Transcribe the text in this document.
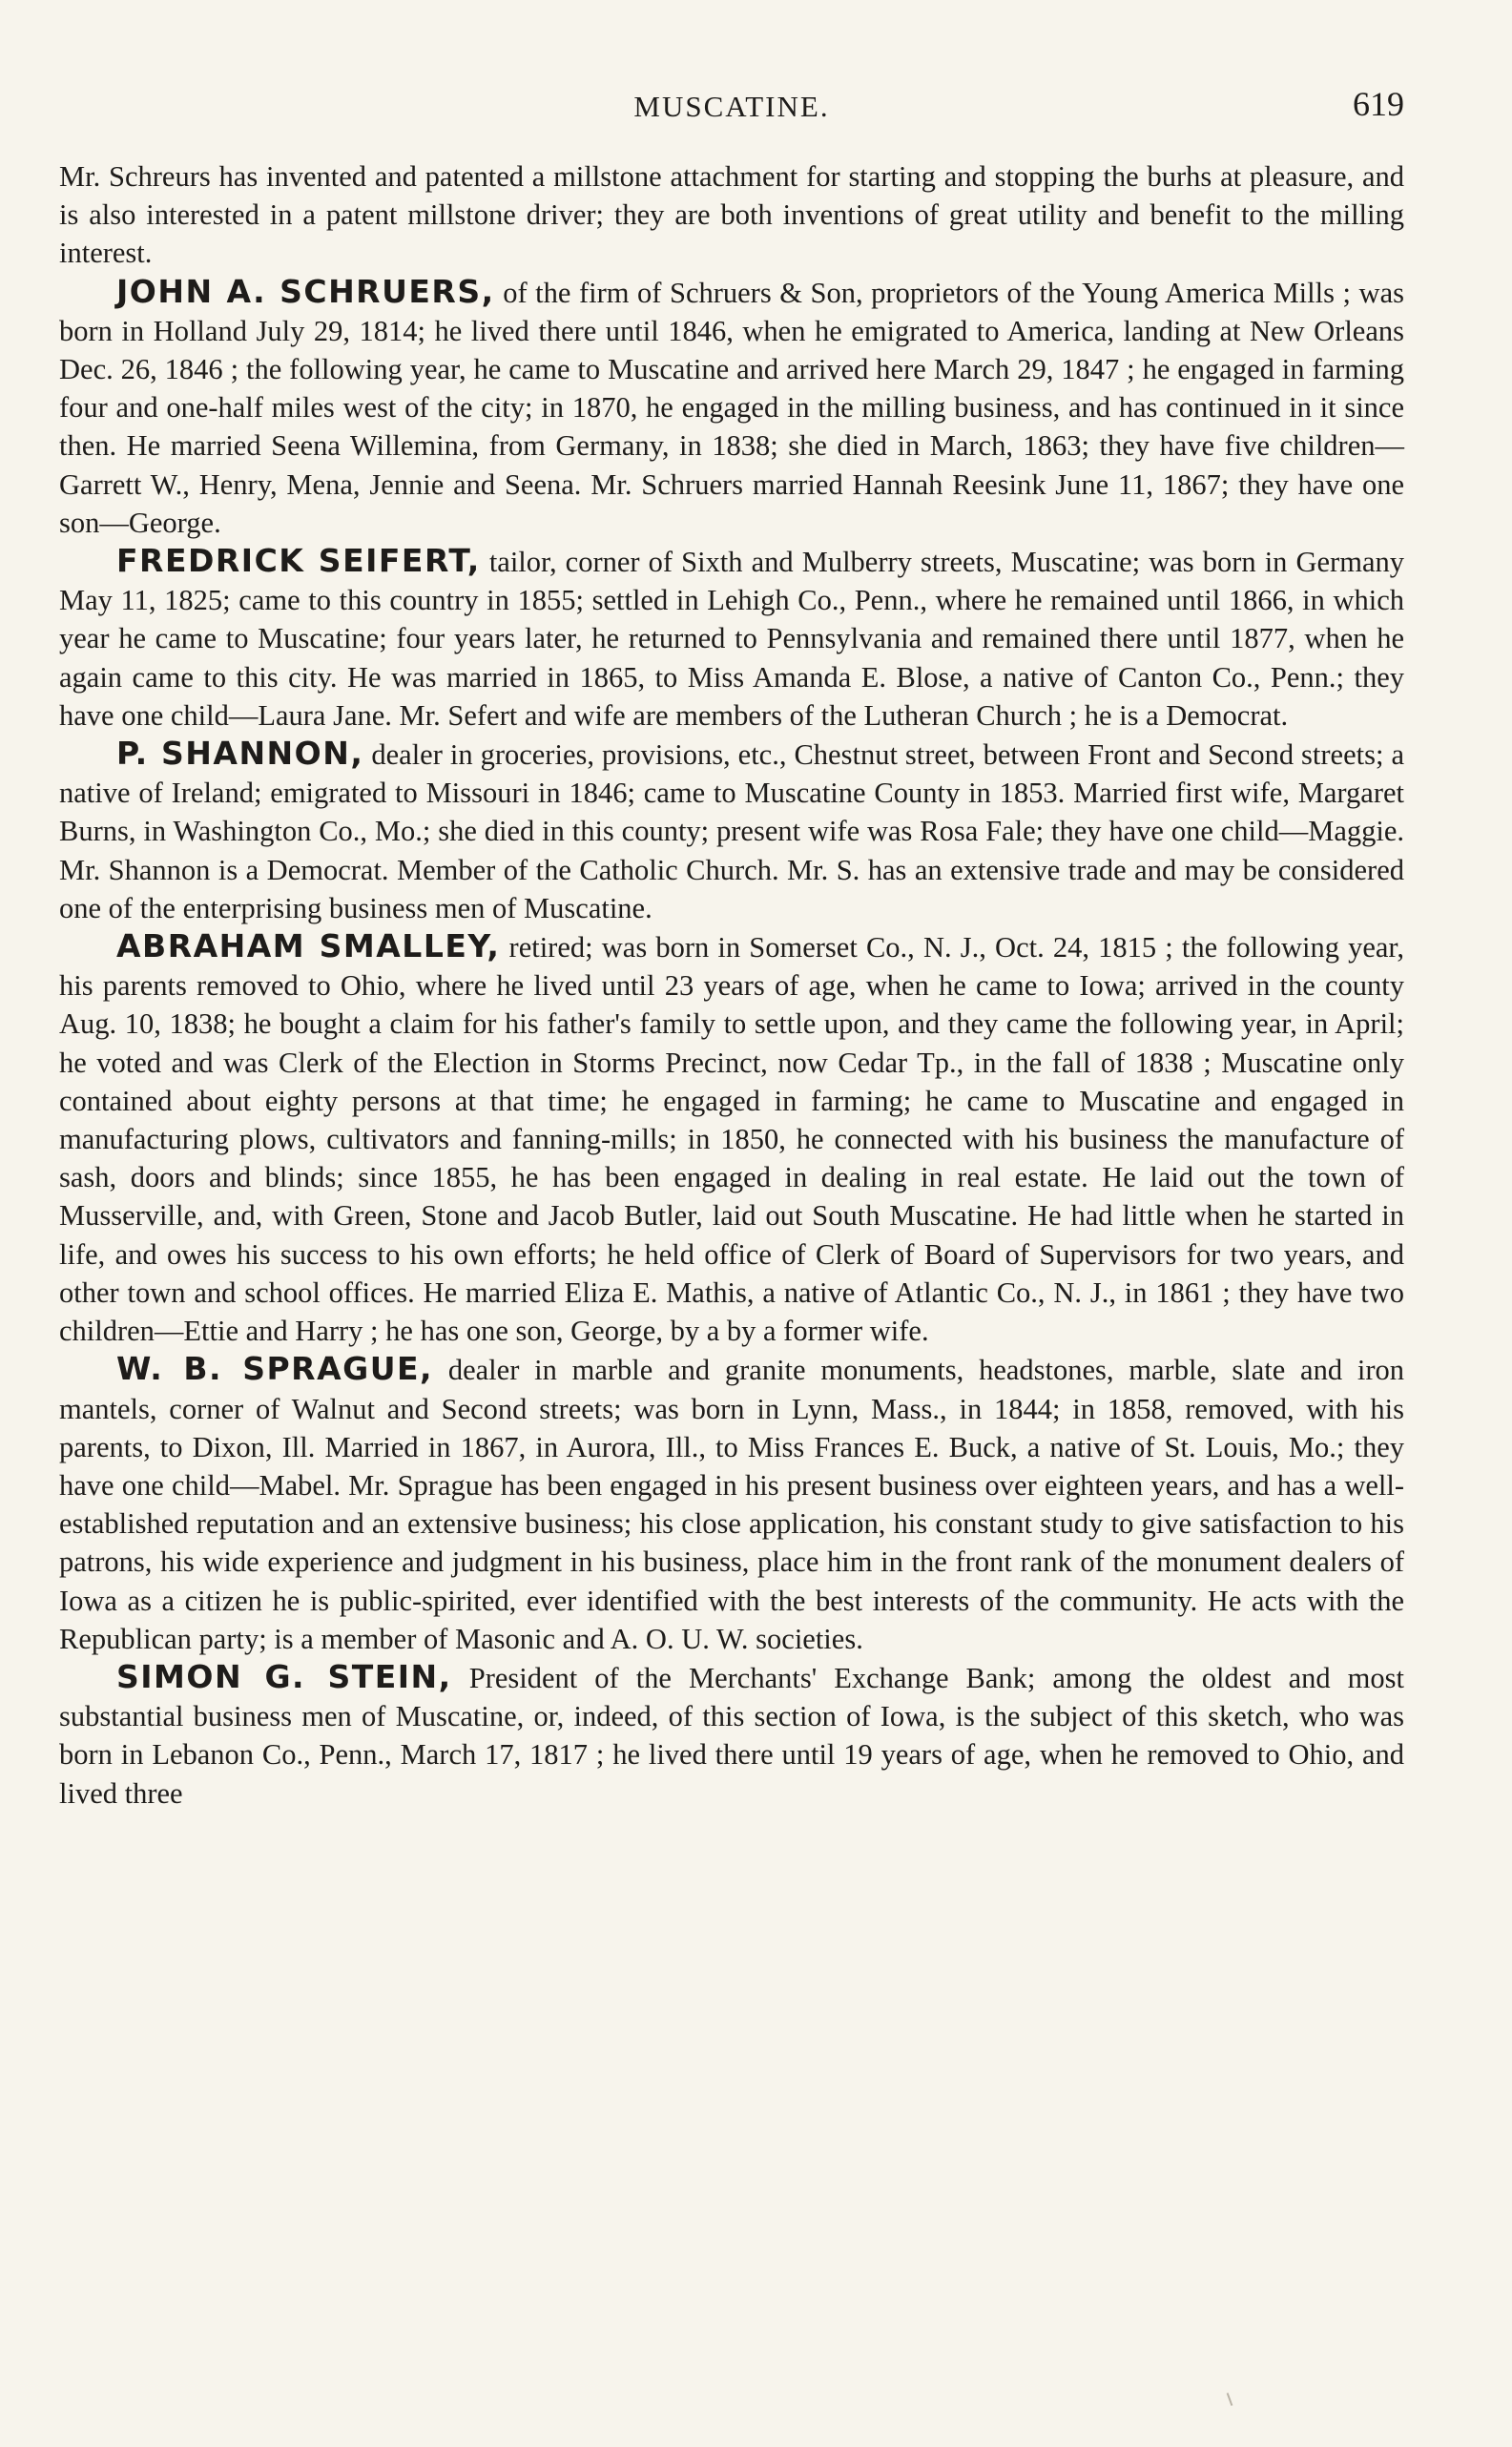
MUSCATINE.	619

Mr. Schreurs has invented and patented a millstone attachment for starting and stopping the burhs at pleasure, and is also interested in a patent millstone driver; they are both inventions of great utility and benefit to the milling interest.

JOHN A. SCHRUERS, of the firm of Schruers & Son, proprietors of the Young America Mills ; was born in Holland July 29, 1814; he lived there until 1846, when he emigrated to America, landing at New Orleans Dec. 26, 1846 ; the following year, he came to Muscatine and arrived here March 29, 1847 ; he engaged in farming four and one-half miles west of the city; in 1870, he engaged in the milling business, and has continued in it since then. He married Seena Willemina, from Germany, in 1838; she died in March, 1863; they have five children—Garrett W., Henry, Mena, Jennie and Seena. Mr. Schruers married Hannah Reesink June 11, 1867; they have one son—George.

FREDRICK SEIFERT, tailor, corner of Sixth and Mulberry streets, Muscatine; was born in Germany May 11, 1825; came to this country in 1855; settled in Lehigh Co., Penn., where he remained until 1866, in which year he came to Muscatine; four years later, he returned to Pennsylvania and remained there until 1877, when he again came to this city. He was married in 1865, to Miss Amanda E. Blose, a native of Canton Co., Penn.; they have one child—Laura Jane. Mr. Sefert and wife are members of the Lutheran Church ; he is a Democrat.

P. SHANNON, dealer in groceries, provisions, etc., Chestnut street, between Front and Second streets; a native of Ireland; emigrated to Missouri in 1846; came to Muscatine County in 1853. Married first wife, Margaret Burns, in Washington Co., Mo.; she died in this county; present wife was Rosa Fale; they have one child—Maggie. Mr. Shannon is a Democrat. Member of the Catholic Church. Mr. S. has an extensive trade and may be considered one of the enterprising business men of Muscatine.

ABRAHAM SMALLEY, retired; was born in Somerset Co., N. J., Oct. 24, 1815 ; the following year, his parents removed to Ohio, where he lived until 23 years of age, when he came to Iowa; arrived in the county Aug. 10, 1838; he bought a claim for his father's family to settle upon, and they came the following year, in April; he voted and was Clerk of the Election in Storms Precinct, now Cedar Tp., in the fall of 1838 ; Muscatine only contained about eighty persons at that time; he engaged in farming; he came to Muscatine and engaged in manufacturing plows, cultivators and fanning-mills; in 1850, he connected with his business the manufacture of sash, doors and blinds; since 1855, he has been engaged in dealing in real estate. He laid out the town of Musserville, and, with Green, Stone and Jacob Butler, laid out South Muscatine. He had little when he started in life, and owes his success to his own efforts; he held office of Clerk of Board of Supervisors for two years, and other town and school offices. He married Eliza E. Mathis, a native of Atlantic Co., N. J., in 1861 ; they have two children—Ettie and Harry ; he has one son, George, by a by a former wife.

W. B. SPRAGUE, dealer in marble and granite monuments, headstones, marble, slate and iron mantels, corner of Walnut and Second streets; was born in Lynn, Mass., in 1844; in 1858, removed, with his parents, to Dixon, Ill. Married in 1867, in Aurora, Ill., to Miss Frances E. Buck, a native of St. Louis, Mo.; they have one child—Mabel. Mr. Sprague has been engaged in his present business over eighteen years, and has a well-established reputation and an extensive business; his close application, his constant study to give satisfaction to his patrons, his wide experience and judgment in his business, place him in the front rank of the monument dealers of Iowa as a citizen he is public-spirited, ever identified with the best interests of the community. He acts with the Republican party; is a member of Masonic and A. O. U. W. societies.

SIMON G. STEIN, President of the Merchants' Exchange Bank; among the oldest and most substantial business men of Muscatine, or, indeed, of this section of Iowa, is the subject of this sketch, who was born in Lebanon Co., Penn., March 17, 1817 ; he lived there until 19 years of age, when he removed to Ohio, and lived three
